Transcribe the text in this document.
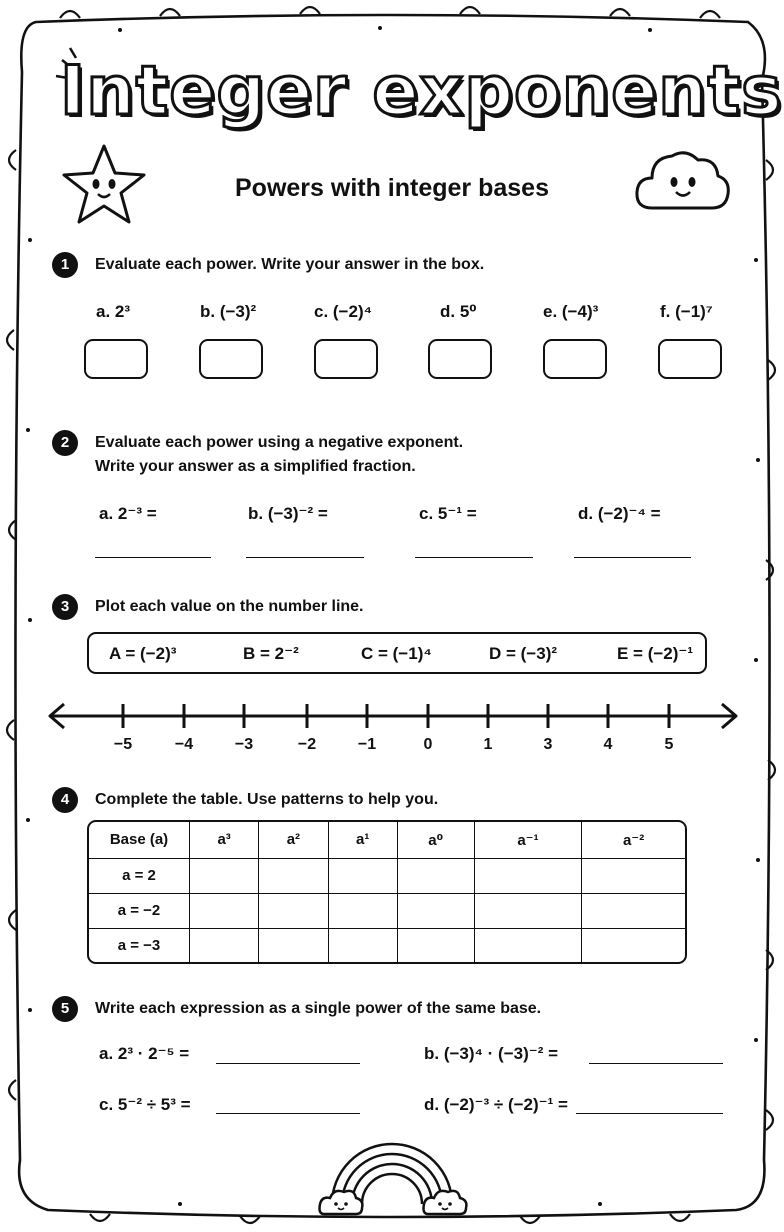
Integer exponents
Powers with integer bases
1	Evaluate each power. Write your answer in the box.
a. 2³	b. (−3)²	c. (−2)⁴	d. 5⁰	e. (−4)³	f. (−1)⁷
2	Evaluate each power using a negative exponent.
Write your answer as a simplified fraction.
a. 2⁻³ =	b. (−3)⁻² =	c. 5⁻¹ =	d. (−2)⁻⁴ =
3	Plot each value on the number line.
A = (−2)³	B = 2⁻²	C = (−1)⁴	D = (−3)²	E = (−2)⁻¹
−5	−4	−3	−2	−1	0	1	3	4	5
4	Complete the table. Use patterns to help you.
Base (a)	a³	a²	a¹	a⁰	a⁻¹	a⁻²
a = 2						
a = −2						
a = −3						
5	Write each expression as a single power of the same base.
a. 2³ · 2⁻⁵ =	b. (−3)⁴ · (−3)⁻² =
c. 5⁻² ÷ 5³ =	d. (−2)⁻³ ÷ (−2)⁻¹ =
